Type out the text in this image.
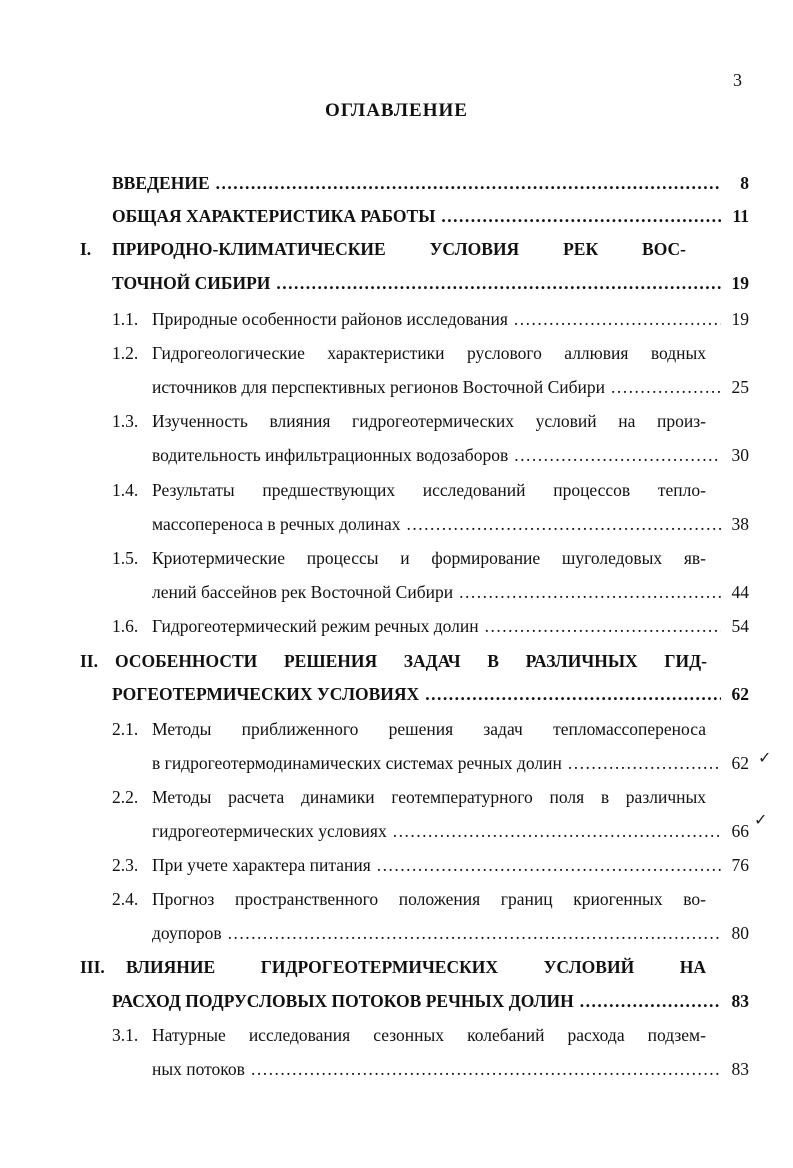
3
ОГЛАВЛЕНИЕ
ВВЕДЕНИЕ .....	8
ОБЩАЯ ХАРАКТЕРИСТИКА РАБОТЫ .....	11
I. ПРИРОДНО-КЛИМАТИЧЕСКИЕ	УСЛОВИЯ	РЕК	ВОС-
ТОЧНОЙ СИБИРИ .....	19
1.1. Природные особенности районов исследования .....	19
1.2. Гидрогеологические характеристики руслового аллювия водных
источников для перспективных регионов Восточной Сибири .....	25
1.3. Изученность влияния гидрогеотермических условий на произ-
водительность инфильтрационных водозаборов .....	30
1.4. Результаты предшествующих исследований процессов тепло-
массопереноса в речных долинах .....	38
1.5. Криотермические процессы и формирование шуголедовых яв-
лений бассейнов рек Восточной Сибири .....	44
1.6. Гидрогеотермический режим речных долин .....	54
II. ОСОБЕННОСТИ РЕШЕНИЯ ЗАДАЧ В РАЗЛИЧНЫХ ГИД-
РОГЕОТЕРМИЧЕСКИХ УСЛОВИЯХ .....	62
2.1. Методы приближенного решения задач тепломассопереноса
в гидрогеотермодинамических системах речных долин .....	62 ✓
2.2. Методы расчета динамики геотемпературного поля в различных
гидрогеотермических условиях .....	66
✓
2.3. При учете характера питания .....	76
2.4. Прогноз пространственного положения границ криогенных во-
доупоров .....	80
III. ВЛИЯНИЕ	ГИДРОГЕОТЕРМИЧЕСКИХ	УСЛОВИЙ	НА
РАСХОД ПОДРУСЛОВЫХ ПОТОКОВ РЕЧНЫХ ДОЛИН .....	83
3.1. Натурные исследования сезонных колебаний расхода подзем-
ных потоков .....	83
